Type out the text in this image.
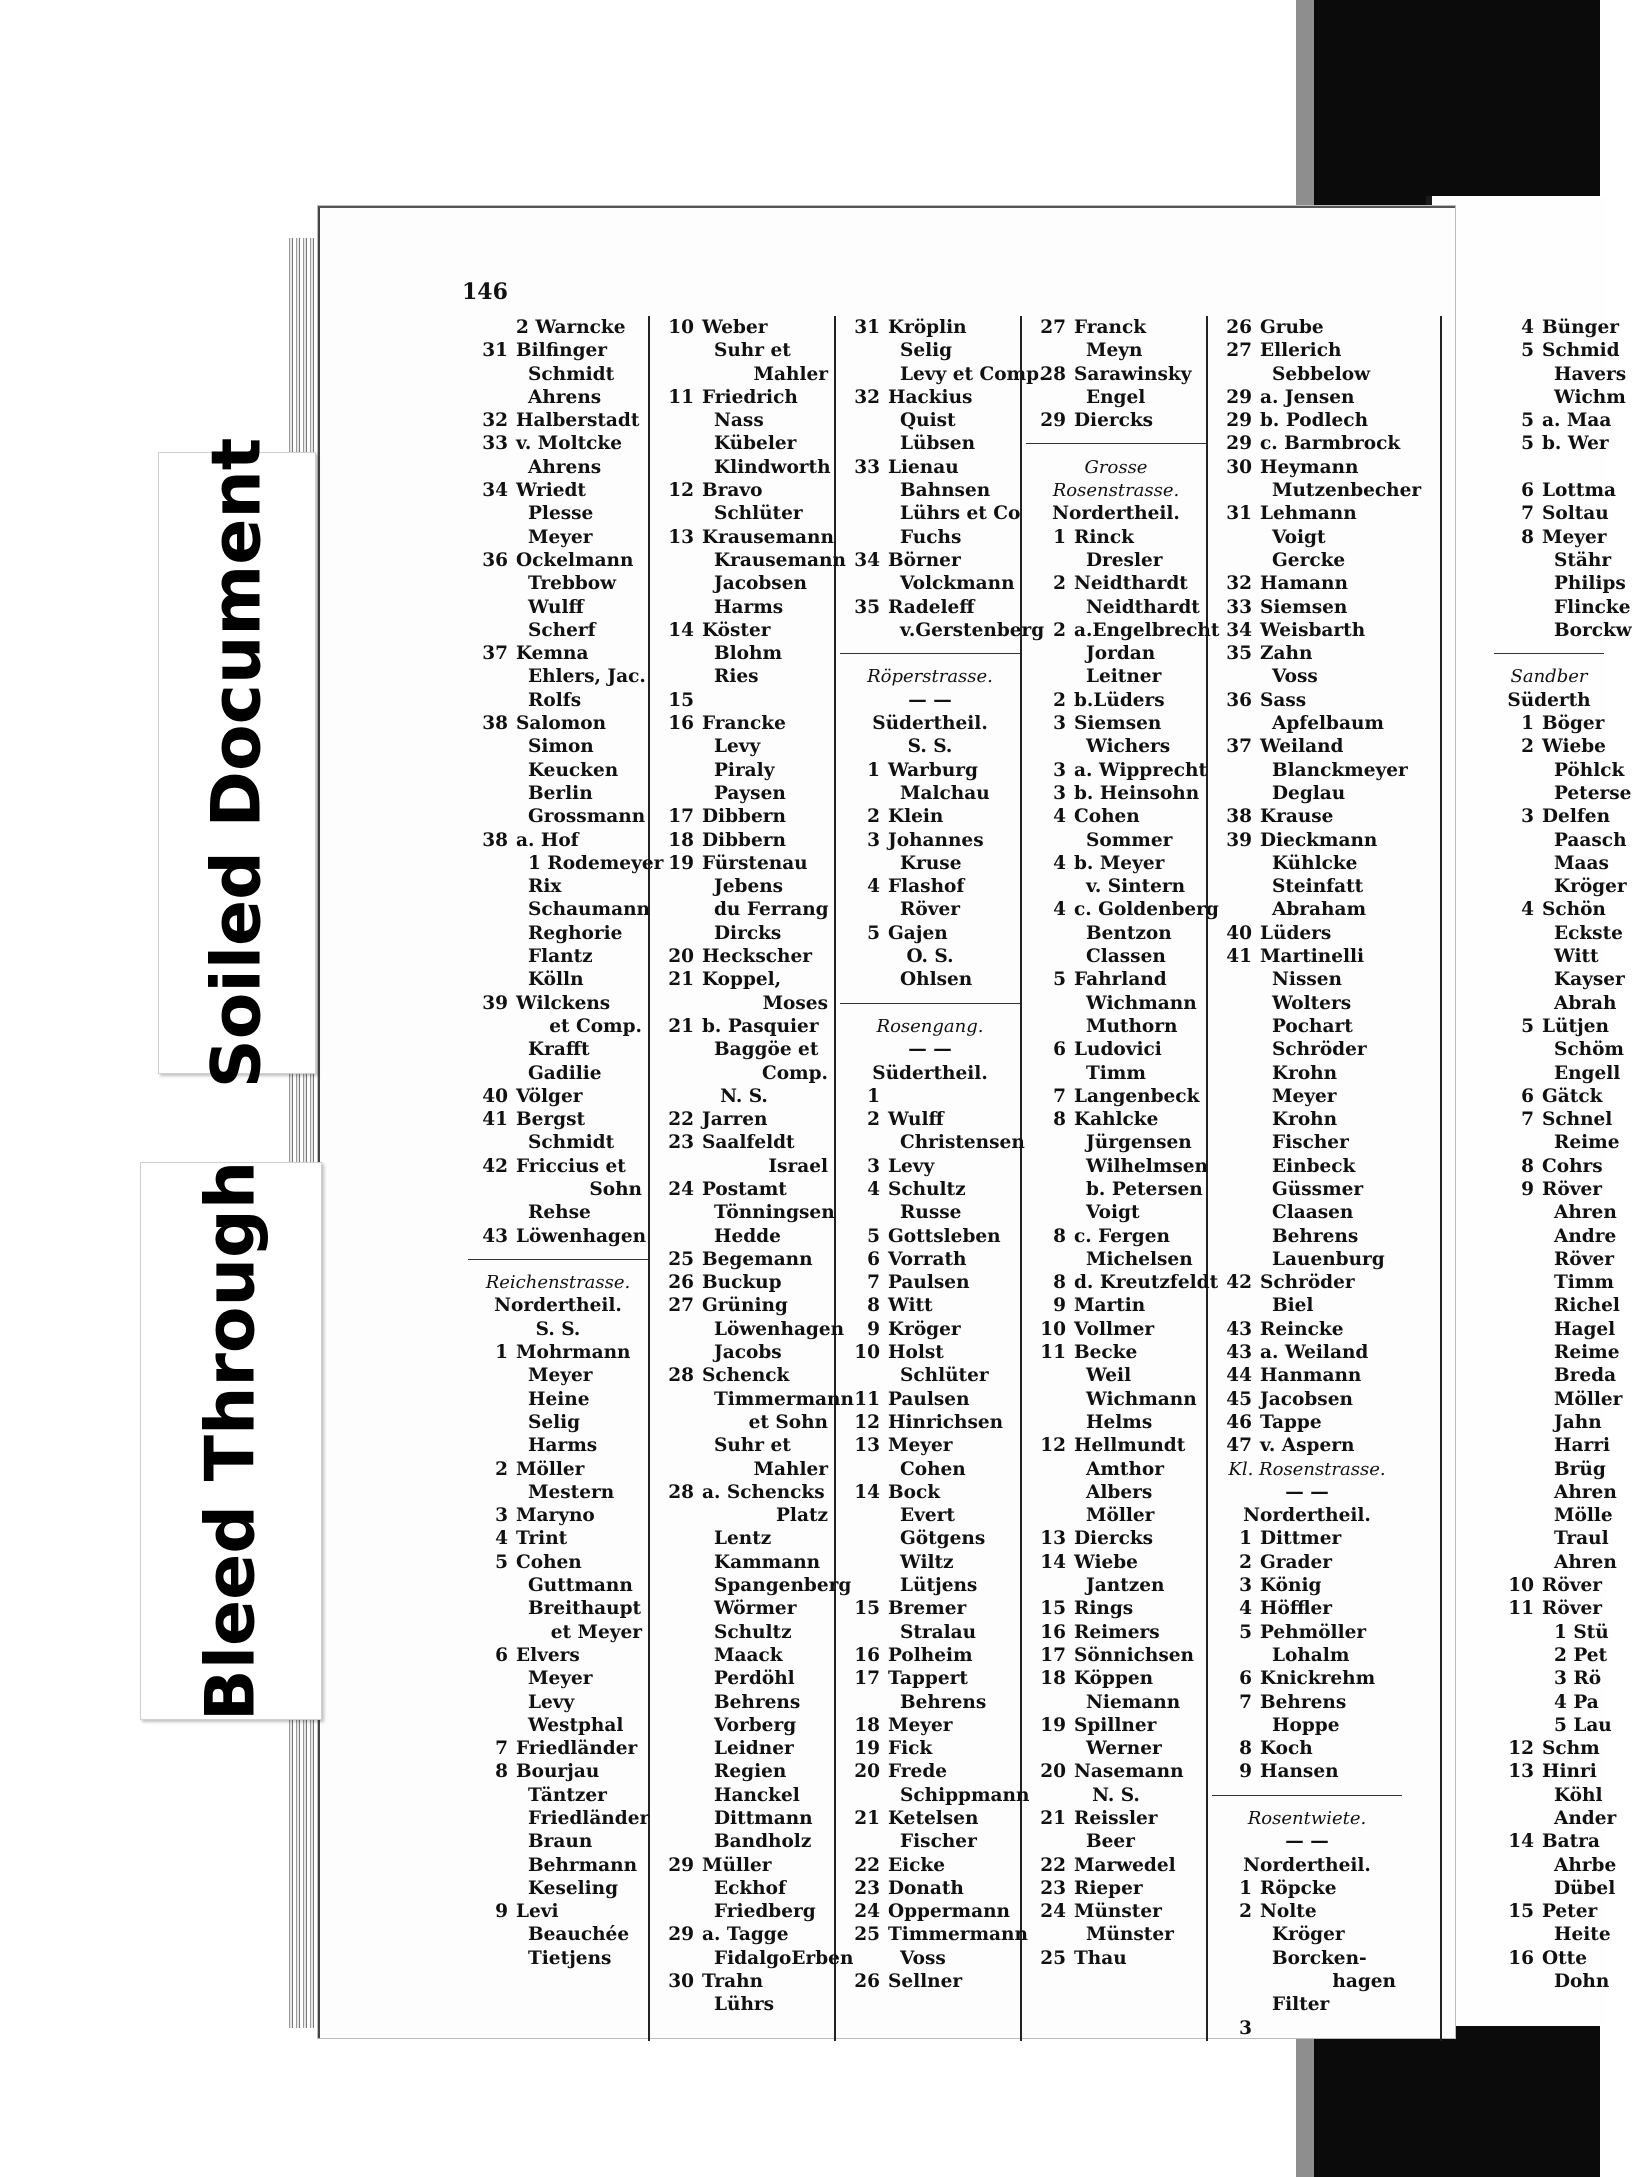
Soiled Document
Bleed Through
146
2 Warncke
31 Bilfinger
Schmidt
Ahrens
32 Halberstadt
33 v. Moltcke
Ahrens
34 Wriedt
Plesse
Meyer
36 Ockelmann
Trebbow
Wulff
Scherf
37 Kemna
Ehlers, Jac.
Rolfs
38 Salomon
Simon
Keucken
Berlin
Grossmann
38 a. Hof
1 Rodemeyer
Rix
Schaumann
Reghorie
Flantz
Kölln
39 Wilckens
et Comp.
Krafft
Gadilie
40 Völger
41 Bergst
Schmidt
42 Friccius et
Sohn
Rehse
43 Löwenhagen
Reichenstrasse.
Nordertheil.
S. S.
1 Mohrmann
Meyer
Heine
Selig
Harms
2 Möller
Mestern
3 Maryno
4 Trint
5 Cohen
Guttmann
Breithaupt
et Meyer
6 Elvers
Meyer
Levy
Westphal
7 Friedländer
8 Bourjau
Täntzer
Friedländer
Braun
Behrmann
Keseling
9 Levi
Beauchée
Tietjens
10 Weber
Suhr et
Mahler
11 Friedrich
Nass
Kübeler
Klindworth
12 Bravo
Schlüter
13 Krausemann
Krausemann
Jacobsen
Harms
14 Köster
Blohm
Ries
15
16 Francke
Levy
Piraly
Paysen
17 Dibbern
18 Dibbern
19 Fürstenau
Jebens
du Ferrang
Dircks
20 Heckscher
21 Koppel,
Moses
21 b. Pasquier
Baggöe et
Comp.
N. S.
22 Jarren
23 Saalfeldt
Israel
24 Postamt
Tönningsen
Hedde
25 Begemann
26 Buckup
27 Grüning
Löwenhagen
Jacobs
28 Schenck
Timmermann
et Sohn
Suhr et
Mahler
28 a. Schencks
Platz
Lentz
Kammann
Spangenberg
Wörmer
Schultz
Maack
Perdöhl
Behrens
Vorberg
Leidner
Regien
Hanckel
Dittmann
Bandholz
29 Müller
Eckhof
Friedberg
29 a. Tagge
FidalgoErben
30 Trahn
Lührs
31 Kröplin
Selig
Levy et Comp.
32 Hackius
Quist
Lübsen
33 Lienau
Bahnsen
Lührs et Co
Fuchs
34 Börner
Volckmann
35 Radeleff
v.Gerstenberg
Röperstrasse.
— —
Südertheil.
S. S.
1 Warburg
Malchau
2 Klein
3 Johannes
Kruse
4 Flashof
Röver
5 Gajen
O. S.
Ohlsen
Rosengang.
— —
Südertheil.
1
2 Wulff
Christensen
3 Levy
4 Schultz
Russe
5 Gottsleben
6 Vorrath
7 Paulsen
8 Witt
9 Kröger
10 Holst
Schlüter
11 Paulsen
12 Hinrichsen
13 Meyer
Cohen
14 Bock
Evert
Götgens
Wiltz
Lütjens
15 Bremer
Stralau
16 Polheim
17 Tappert
Behrens
18 Meyer
19 Fick
20 Frede
Schippmann
21 Ketelsen
Fischer
22 Eicke
23 Donath
24 Oppermann
25 Timmermann
Voss
26 Sellner
27 Franck
Meyn
28 Sarawinsky
Engel
29 Diercks
Grosse
Rosenstrasse.
Nordertheil.
1 Rinck
Dresler
2 Neidthardt
Neidthardt
2 a.Engelbrecht
Jordan
Leitner
2 b.Lüders
3 Siemsen
Wichers
3 a. Wipprecht
3 b. Heinsohn
4 Cohen
Sommer
4 b. Meyer
v. Sintern
4 c. Goldenberg
Bentzon
Classen
5 Fahrland
Wichmann
Muthorn
6 Ludovici
Timm
7 Langenbeck
8 Kahlcke
Jürgensen
Wilhelmsen
b. Petersen
Voigt
8 c. Fergen
Michelsen
8 d. Kreutzfeldt
9 Martin
10 Vollmer
11 Becke
Weil
Wichmann
Helms
12 Hellmundt
Amthor
Albers
Möller
13 Diercks
14 Wiebe
Jantzen
15 Rings
16 Reimers
17 Sönnichsen
18 Köppen
Niemann
19 Spillner
Werner
20 Nasemann
N. S.
21 Reissler
Beer
22 Marwedel
23 Rieper
24 Münster
Münster
25 Thau
26 Grube
27 Ellerich
Sebbelow
29 a. Jensen
29 b. Podlech
29 c. Barmbrock
30 Heymann
Mutzenbecher
31 Lehmann
Voigt
Gercke
32 Hamann
33 Siemsen
34 Weisbarth
35 Zahn
Voss
36 Sass
Apfelbaum
37 Weiland
Blanckmeyer
Deglau
38 Krause
39 Dieckmann
Kühlcke
Steinfatt
Abraham
40 Lüders
41 Martinelli
Nissen
Wolters
Pochart
Schröder
Krohn
Meyer
Krohn
Fischer
Einbeck
Güssmer
Claasen
Behrens
Lauenburg
42 Schröder
Biel
43 Reincke
43 a. Weiland
44 Hanmann
45 Jacobsen
46 Tappe
47 v. Aspern
Kl. Rosenstrasse.
— —
Nordertheil.
1 Dittmer
2 Grader
3 König
4 Höffler
5 Pehmöller
Lohalm
6 Knickrehm
7 Behrens
Hoppe
8 Koch
9 Hansen
Rosentwiete.
— —
Nordertheil.
1 Röpcke
2 Nolte
Kröger
Borcken-
hagen
Filter
3
4 Bünger
5 Schmid
Havers
Wichm
5 a. Maa
5 b. Wer
6 Lottma
7 Soltau
8 Meyer
Stähr
Philips
Flincke
Borckw
Sandber
Süderth
1 Böger
2 Wiebe
Pöhlck
Peterse
3 Delfen
Paasch
Maas
Kröger
4 Schön
Eckste
Witt
Kayser
Abrah
5 Lütjen
Schöm
Engell
6 Gätck
7 Schnel
Reime
8 Cohrs
9 Röver
Ahren
Andre
Röver
Timm
Richel
Hagel
Reime
Breda
Möller
Jahn
Harri
Brüg
Ahren
Mölle
Traul
Ahren
10 Röver
11 Röver
1 Stü
2 Pet
3 Rö
4 Pa
5 Lau
12 Schm
13 Hinri
Köhl
Ander
14 Batra
Ahrbe
Dübel
15 Peter
Heite
16 Otte
Dohn
